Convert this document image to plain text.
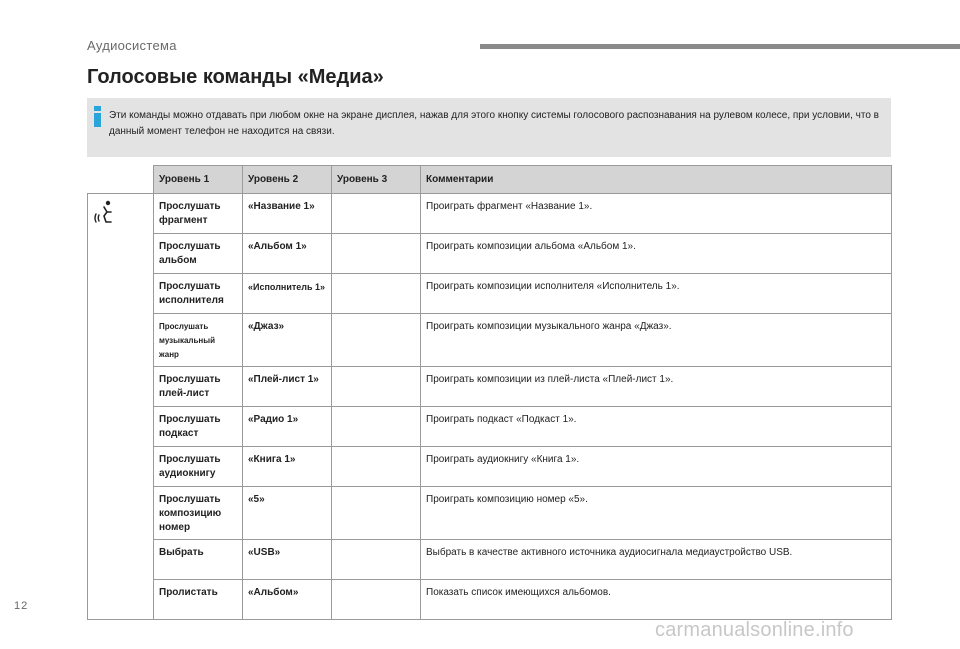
Аудиосистема
Голосовые команды «Медиа»
Эти команды можно отдавать при любом окне на экране дисплея, нажав для этого кнопку системы голосового распознавания на рулевом колесе, при условии, что в данный момент телефон не находится на связи.
	Уровень 1	Уровень 2	Уровень 3	Комментарии

	Прослушать фрагмент	«Название 1»		Проиграть фрагмент «Название 1».
	Прослушать альбом	«Альбом 1»		Проиграть композиции альбома «Альбом 1».
	Прослушать исполнителя	«Исполнитель 1»		Проиграть композиции исполнителя «Исполнитель 1».
	Прослушать музыкальный жанр	«Джаз»		Проиграть композиции музыкального жанра «Джаз».
	Прослушать плей-лист	«Плей-лист 1»		Проиграть композиции из плей-листа «Плей-лист 1».
	Прослушать подкаст	«Радио 1»		Проиграть подкаст «Подкаст 1».
	Прослушать аудиокнигу	«Книга 1»		Проиграть аудиокнигу «Книга 1».
	Прослушать композицию номер	«5»		Проиграть композицию номер «5».
	Выбрать	«USB»		Выбрать в качестве активного источника аудиосигнала медиаустройство USB.
	Пролистать	«Альбом»		Показать список имеющихся альбомов.
12
carmanualsonline.info
